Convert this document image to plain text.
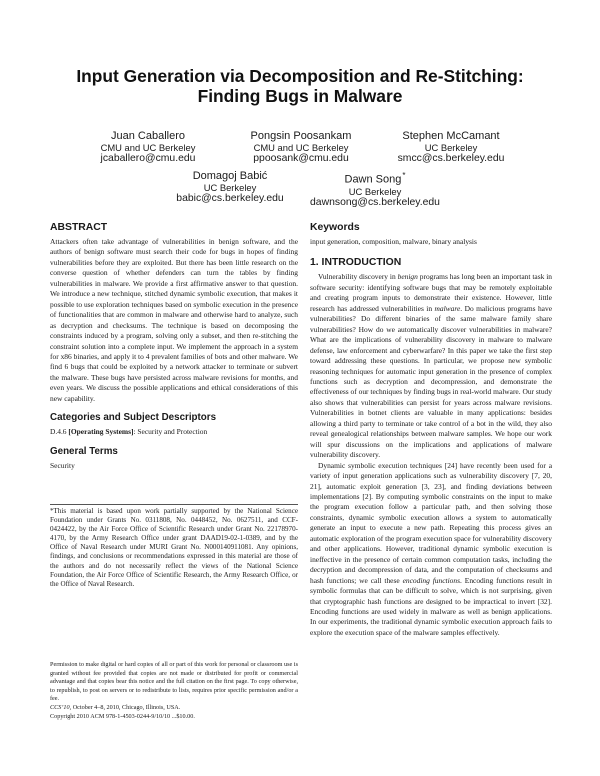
Input Generation via Decomposition and Re-Stitching:
Finding Bugs in Malware
Juan Caballero
CMU and UC Berkeley
jcaballero@cmu.edu
Pongsin Poosankam
CMU and UC Berkeley
ppoosank@cmu.edu
Stephen McCamant
UC Berkeley
smcc@cs.berkeley.edu
Domagoj Babić
UC Berkeley
babic@cs.berkeley.edu
Dawn Song*
UC Berkeley
dawnsong@cs.berkeley.edu
ABSTRACT

Attackers often take advantage of vulnerabilities in benign software, and the authors of benign software must search their code for bugs in hopes of finding vulnerabilities before they are exploited. But there has been little research on the converse question of whether defenders can turn the tables by finding vulnerabilities in malware. We provide a first affirmative answer to that question. We introduce a new technique, stitched dynamic symbolic execution, that makes it possible to use exploration techniques based on symbolic execution in the presence of functionalities that are common in malware and otherwise hard to analyze, such as decryption and checksums. The technique is based on decomposing the constraints induced by a program, solving only a subset, and then re-stitching the constraint solution into a complete input. We implement the approach in a system for x86 binaries, and apply it to 4 prevalent families of bots and other malware. We find 6 bugs that could be exploited by a network attacker to terminate or subvert the malware. These bugs have persisted across malware revisions for months, and even years. We discuss the possible applications and ethical considerations of this new capability.

Categories and Subject Descriptors

D.4.6 [Operating Systems]: Security and Protection

General Terms

Security

*This material is based upon work partially supported by the National Science Foundation under Grants No. 0311808, No. 0448452, No. 0627511, and CCF-0424422, by the Air Force Office of Scientific Research under Grant No. 22178970-4170, by the Army Research Office under grant DAAD19-02-1-0389, and by the Office of Naval Research under MURI Grant No. N000140911081. Any opinions, findings, and conclusions or recommendations expressed in this material are those of the authors and do not necessarily reflect the views of the National Science Foundation, the Air Force Office of Scientific Research, the Army Research Office, or the Office of Naval Research.

Permission to make digital or hard copies of all or part of this work for personal or classroom use is granted without fee provided that copies are not made or distributed for profit or commercial advantage and that copies bear this notice and the full citation on the first page. To copy otherwise, to republish, to post on servers or to redistribute to lists, requires prior specific permission and/or a fee.

CCS’10, October 4–8, 2010, Chicago, Illinois, USA.

Copyright 2010 ACM 978-1-4503-0244-9/10/10 ...$10.00.

Keywords

input generation, composition, malware, binary analysis

1. INTRODUCTION

Vulnerability discovery in benign programs has long been an important task in software security: identifying software bugs that may be remotely exploitable and creating program inputs to demonstrate their existence. However, little research has addressed vulnerabilities in malware. Do malicious programs have vulnerabilities? Do different binaries of the same malware family share vulnerabilities? How do we automatically discover vulnerabilities in malware? What are the implications of vulnerability discovery in malware to malware defense, law enforcement and cyberwarfare? In this paper we take the first step toward addressing these questions. In particular, we propose new symbolic reasoning techniques for automatic input generation in the presence of complex functions such as decryption and decompression, and demonstrate the effectiveness of our techniques by finding bugs in real-world malware. Our study also shows that vulnerabilities can persist for years across malware revisions. Vulnerabilities in botnet clients are valuable in many applications: besides allowing a third party to terminate or take control of a bot in the wild, they also reveal genealogical relationships between malware samples. We hope our work will spur discussions on the implications and applications of malware vulnerability discovery.

Dynamic symbolic execution techniques [24] have recently been used for a variety of input generation applications such as vulnerability discovery [7, 20, 21], automatic exploit generation [3, 23], and finding deviations between implementations [2]. By computing symbolic constraints on the input to make the program execution follow a particular path, and then solving those constraints, dynamic symbolic execution allows a system to automatically generate an input to execute a new path. Repeating this process gives an automatic exploration of the program execution space for vulnerability discovery and other applications. However, traditional dynamic symbolic execution is ineffective in the presence of certain common computation tasks, including the decryption and decompression of data, and the computation of checksums and hash functions; we call these encoding functions. Encoding functions result in symbolic formulas that can be difficult to solve, which is not surprising, given that cryptographic hash functions are designed to be impractical to invert [32]. Encoding functions are used widely in malware as well as benign applications. In our experiments, the traditional dynamic symbolic execution approach fails to explore the execution space of the malware samples effectively.
